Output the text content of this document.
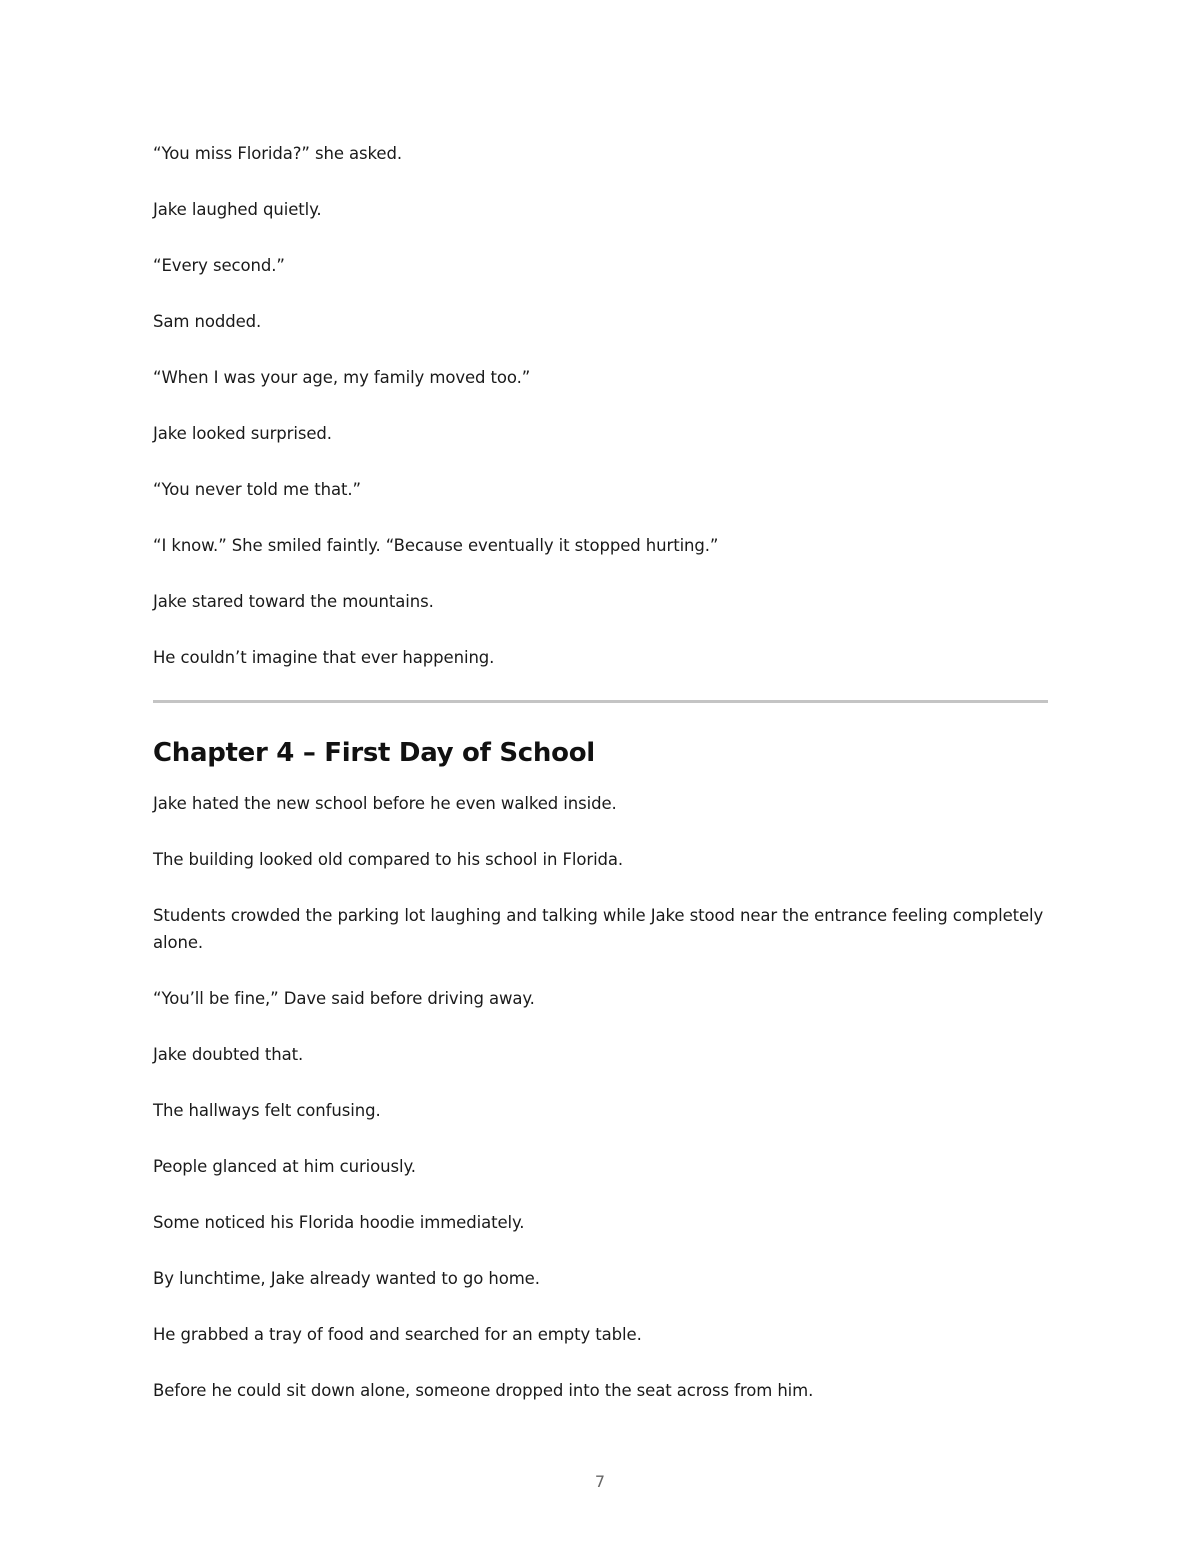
“You miss Florida?” she asked.

Jake laughed quietly.

“Every second.”

Sam nodded.

“When I was your age, my family moved too.”

Jake looked surprised.

“You never told me that.”

“I know.” She smiled faintly. “Because eventually it stopped hurting.”

Jake stared toward the mountains.

He couldn’t imagine that ever happening.

Chapter 4 – First Day of School

Jake hated the new school before he even walked inside.

The building looked old compared to his school in Florida.

Students crowded the parking lot laughing and talking while Jake stood near the entrance feeling completely alone.

“You’ll be fine,” Dave said before driving away.

Jake doubted that.

The hallways felt confusing.

People glanced at him curiously.

Some noticed his Florida hoodie immediately.

By lunchtime, Jake already wanted to go home.

He grabbed a tray of food and searched for an empty table.

Before he could sit down alone, someone dropped into the seat across from him.

7
